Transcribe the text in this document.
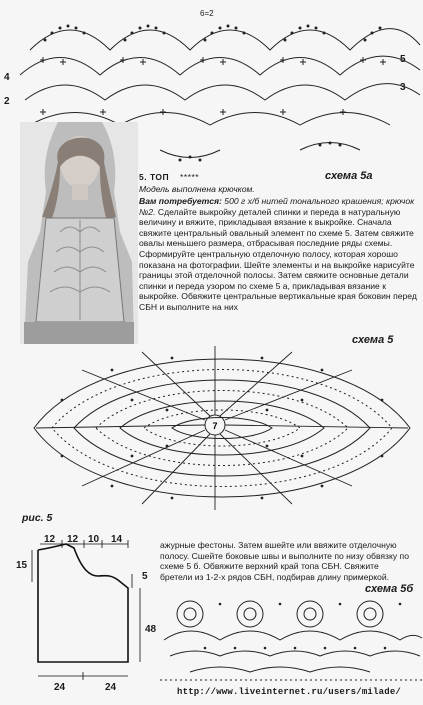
6=2
4
2
5
3
5. ТОП *****	схема 5а
Модель выполнена крючком.
Вам потребуется: 500 г х/б нитей тонального крашения; крючок №2. Сделайте выкройку деталей спинки и переда в натуральную величину и вяжите, прикладывая вязание к выкройке. Сначала свяжите центральный овальный элемент по схеме 5. Затем свяжите овалы меньшего размера, отбрасывая последние ряды схемы. Сформируйте центральную отделочную полосу, которая хорошо показана на фотографии. Шейте элементы и на выкройке нарисуйте границы этой отделочной полосы. Затем свяжите основные детали спинки и переда узором по схеме 5 а, прикладывая вязание к выкройке. Обвяжите центральные вертикальные края боковин перед СБН и выполните на них
схема 5
7
рис. 5
12 12 10 14
15
5
48
24	24
ажурные фестоны. Затем вшейте или ввяжите отделочную полосу. Сшейте боковые швы и выполните по низу обвязку по схеме 5 б. Обвяжите верхний край топа СБН. Свяжите бретели из 1-2-х рядов СБН, подбирав длину примеркой.
схема 5б
http://www.liveinternet.ru/users/milade/
